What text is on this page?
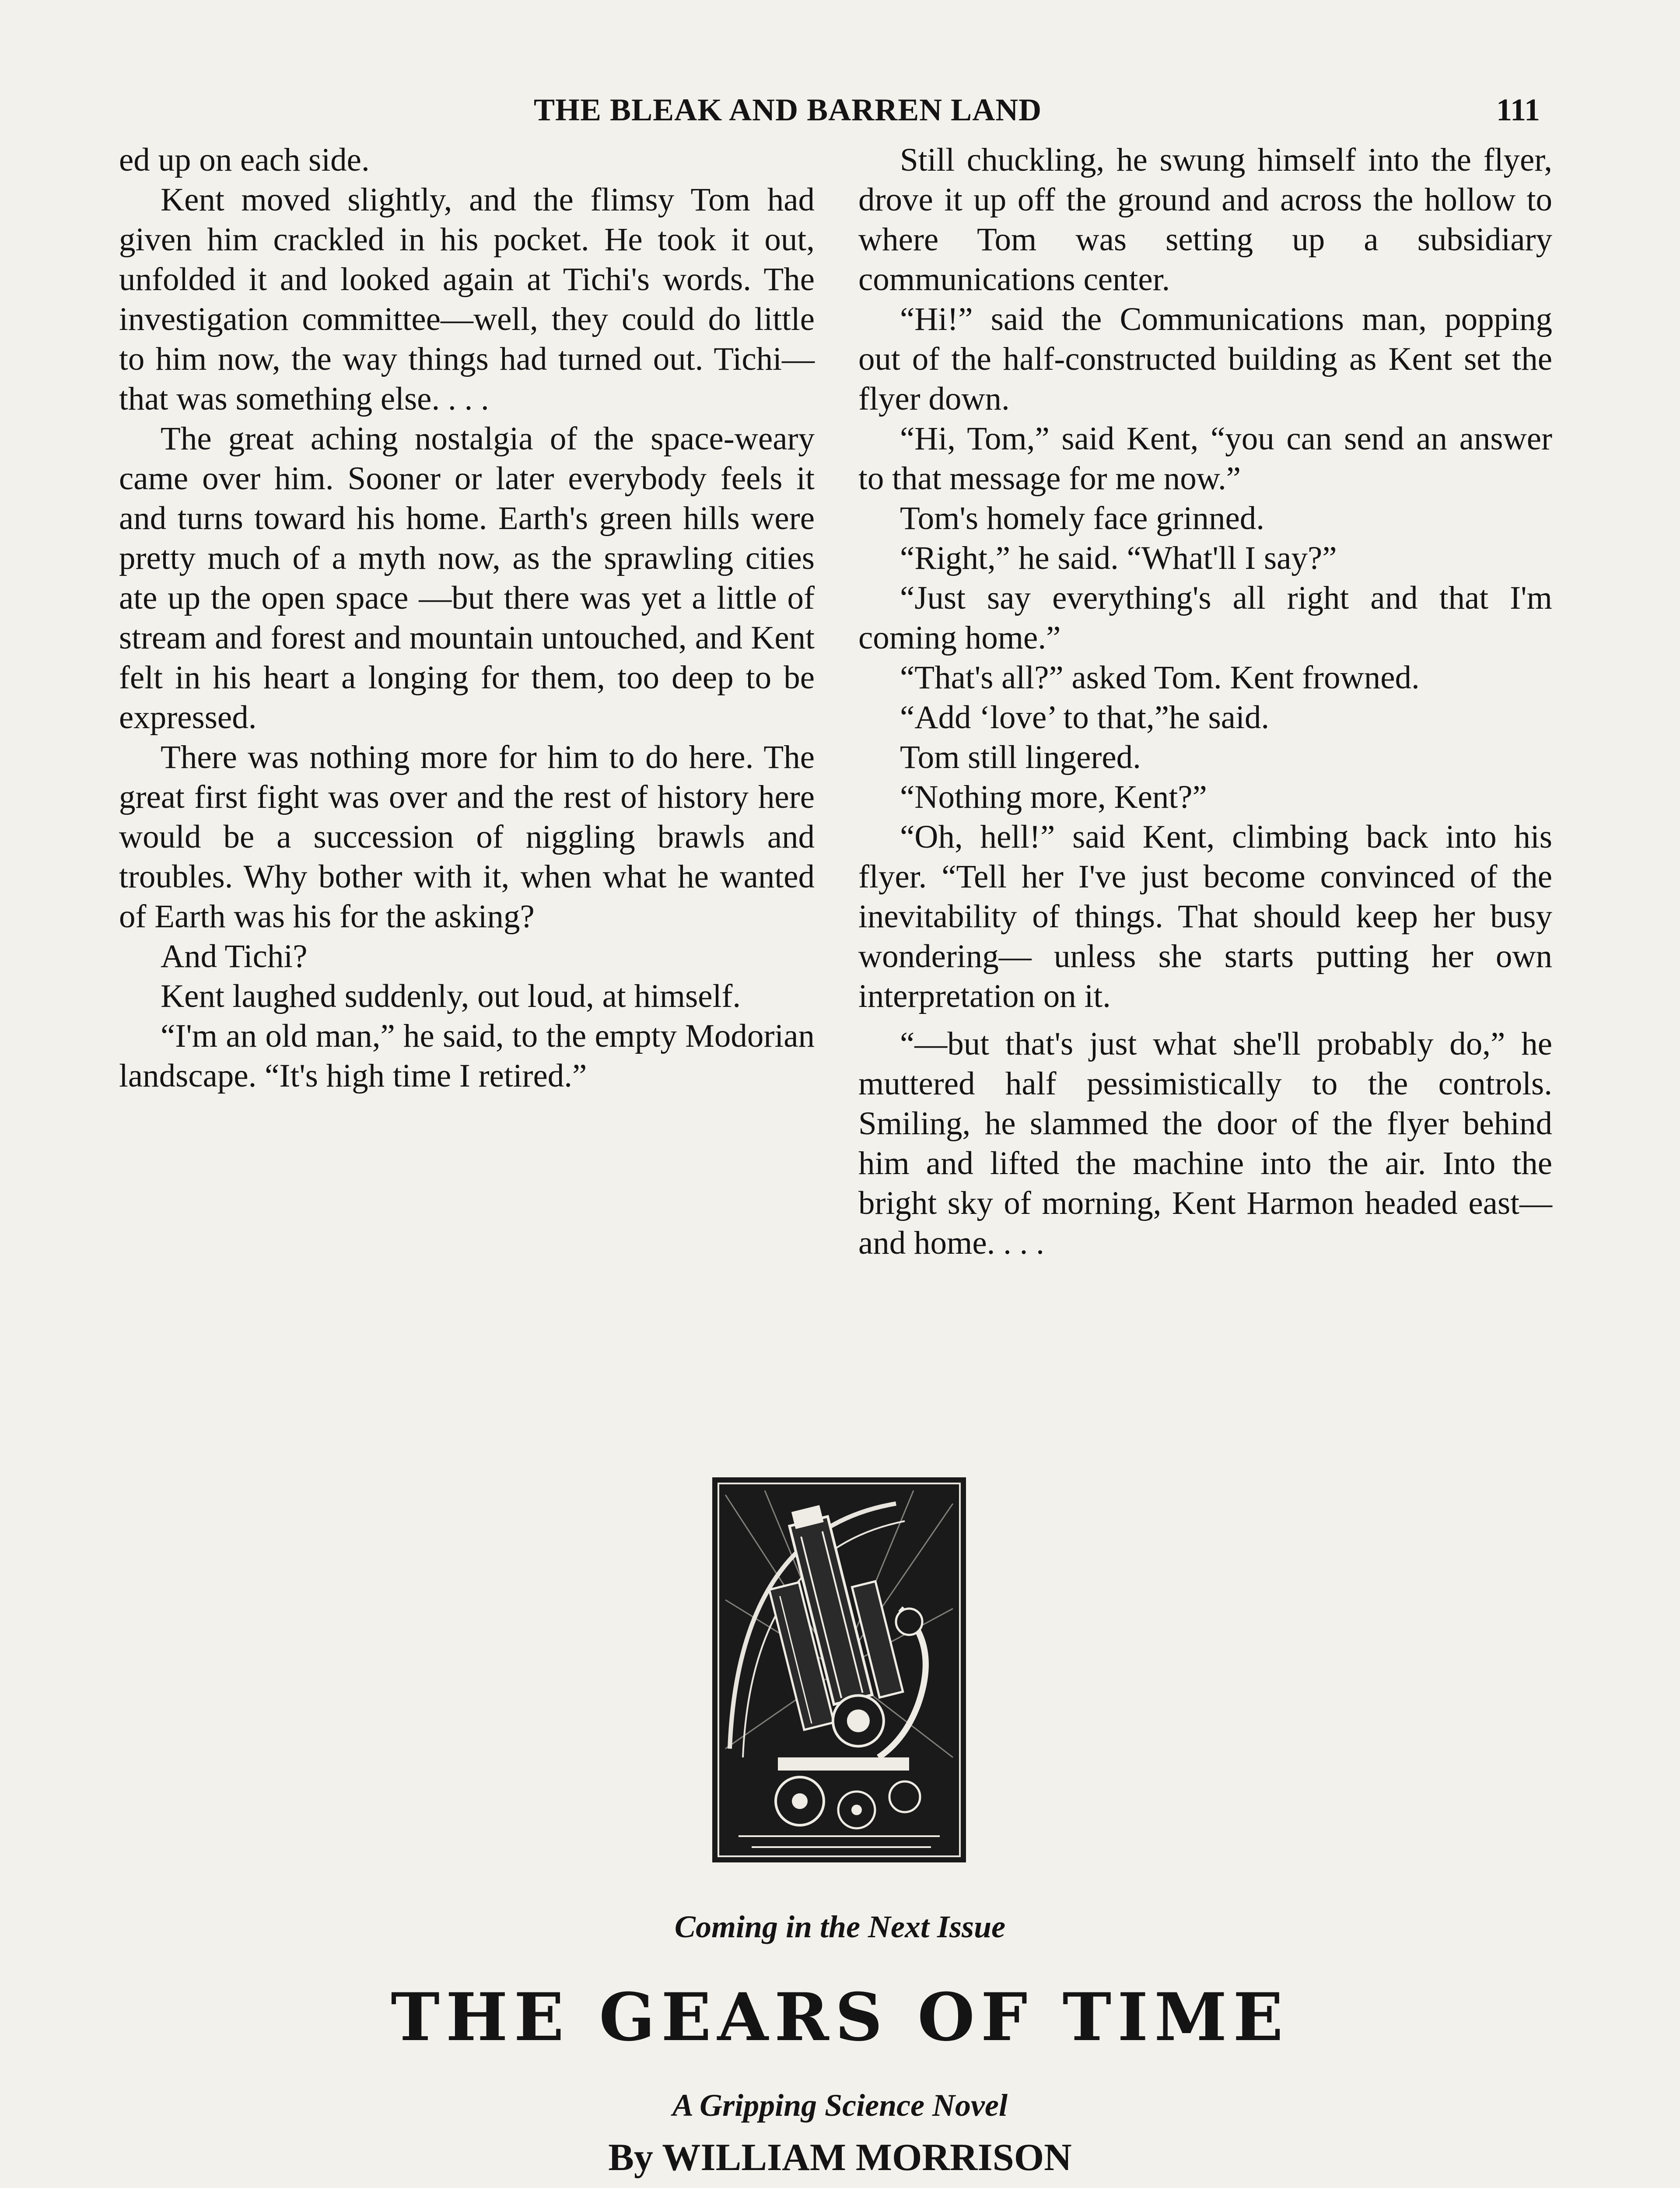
THE BLEAK AND BARREN LAND	111

ed up on each side.

Kent moved slightly, and the flimsy Tom had given him crackled in his pocket. He took it out, unfolded it and looked again at Tichi's words. The investigation committee—well, they could do little to him now, the way things had turned out. Tichi—that was something else. . . .

The great aching nostalgia of the space-weary came over him. Sooner or later everybody feels it and turns toward his home. Earth's green hills were pretty much of a myth now, as the sprawling cities ate up the open space —but there was yet a little of stream and forest and mountain untouched, and Kent felt in his heart a longing for them, too deep to be expressed.

There was nothing more for him to do here. The great first fight was over and the rest of history here would be a succession of niggling brawls and troubles. Why bother with it, when what he wanted of Earth was his for the asking?

And Tichi?

Kent laughed suddenly, out loud, at himself.

“I'm an old man,” he said, to the empty Modorian landscape. “It's high time I retired.”

Still chuckling, he swung himself into the flyer, drove it up off the ground and across the hollow to where Tom was setting up a subsidiary communications center.

“Hi!” said the Communications man, popping out of the half-constructed building as Kent set the flyer down.

“Hi, Tom,” said Kent, “you can send an answer to that message for me now.”

Tom's homely face grinned.

“Right,” he said. “What'll I say?”

“Just say everything's all right and that I'm coming home.”

“That's all?” asked Tom. Kent frowned.

“Add ‘love’ to that,”he said.

Tom still lingered.

“Nothing more, Kent?”

“Oh, hell!” said Kent, climbing back into his flyer. “Tell her I've just become convinced of the inevitability of things. That should keep her busy wondering— unless she starts putting her own interpretation on it.

“—but that's just what she'll probably do,” he muttered half pessimistically to the controls. Smiling, he slammed the door of the flyer behind him and lifted the machine into the air. Into the bright sky of morning, Kent Harmon headed east—and home. . . .

Coming in the Next Issue
THE GEARS OF TIME
A Gripping Science Novel
By WILLIAM MORRISON
